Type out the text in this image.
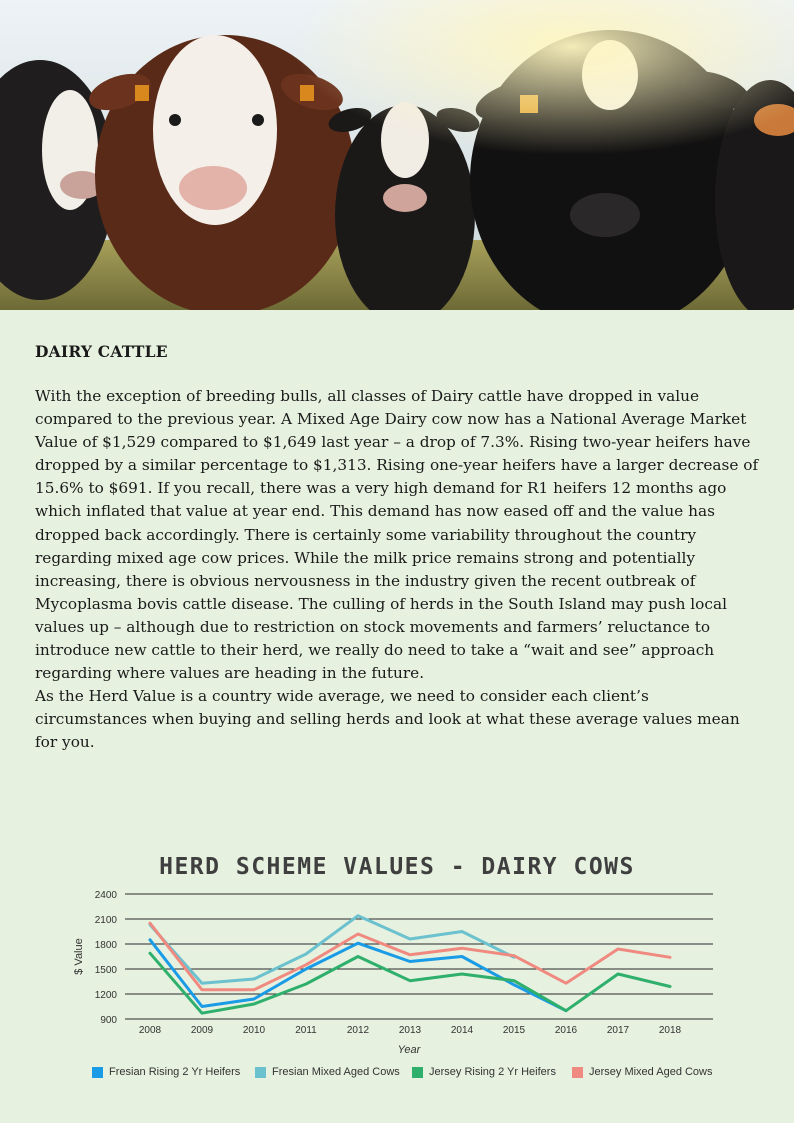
DAIRY CATTLE

With the exception of breeding bulls, all classes of Dairy cattle have dropped in value compared to the previous year. A Mixed Age Dairy cow now has a National Average Market Value of $1,529 compared to $1,649 last year – a drop of 7.3%. Rising two-year heifers have dropped by a similar percentage to $1,313. Rising one-year heifers have a larger decrease of 15.6% to $691. If you recall, there was a very high demand for R1 heifers 12 months ago which inflated that value at year end. This demand has now eased off and the value has dropped back accordingly. There is certainly some variability throughout the country regarding mixed age cow prices. While the milk price remains strong and potentially increasing, there is obvious nervousness in the industry given the recent outbreak of Mycoplasma bovis cattle disease. The culling of herds in the South Island may push local values up – although due to restriction on stock movements and farmers’ reluctance to introduce new cattle to their herd, we really do need to take a “wait and see” approach regarding where values are heading in the future.

As the Herd Value is a country wide average, we need to consider each client’s circumstances when buying and selling herds and look at what these average values mean for you.

HERD SCHEME VALUES - DAIRY COWS
900
1200
1500
1800
2100
2400
2008	2009	2010	2011	2012	2013	2014	2015	2016	2017	2018
Year
$ Value
Fresian Rising 2 Yr Heifers	Fresian Mixed Aged Cows	Jersey Rising 2 Yr Heifers	Jersey Mixed Aged Cows
